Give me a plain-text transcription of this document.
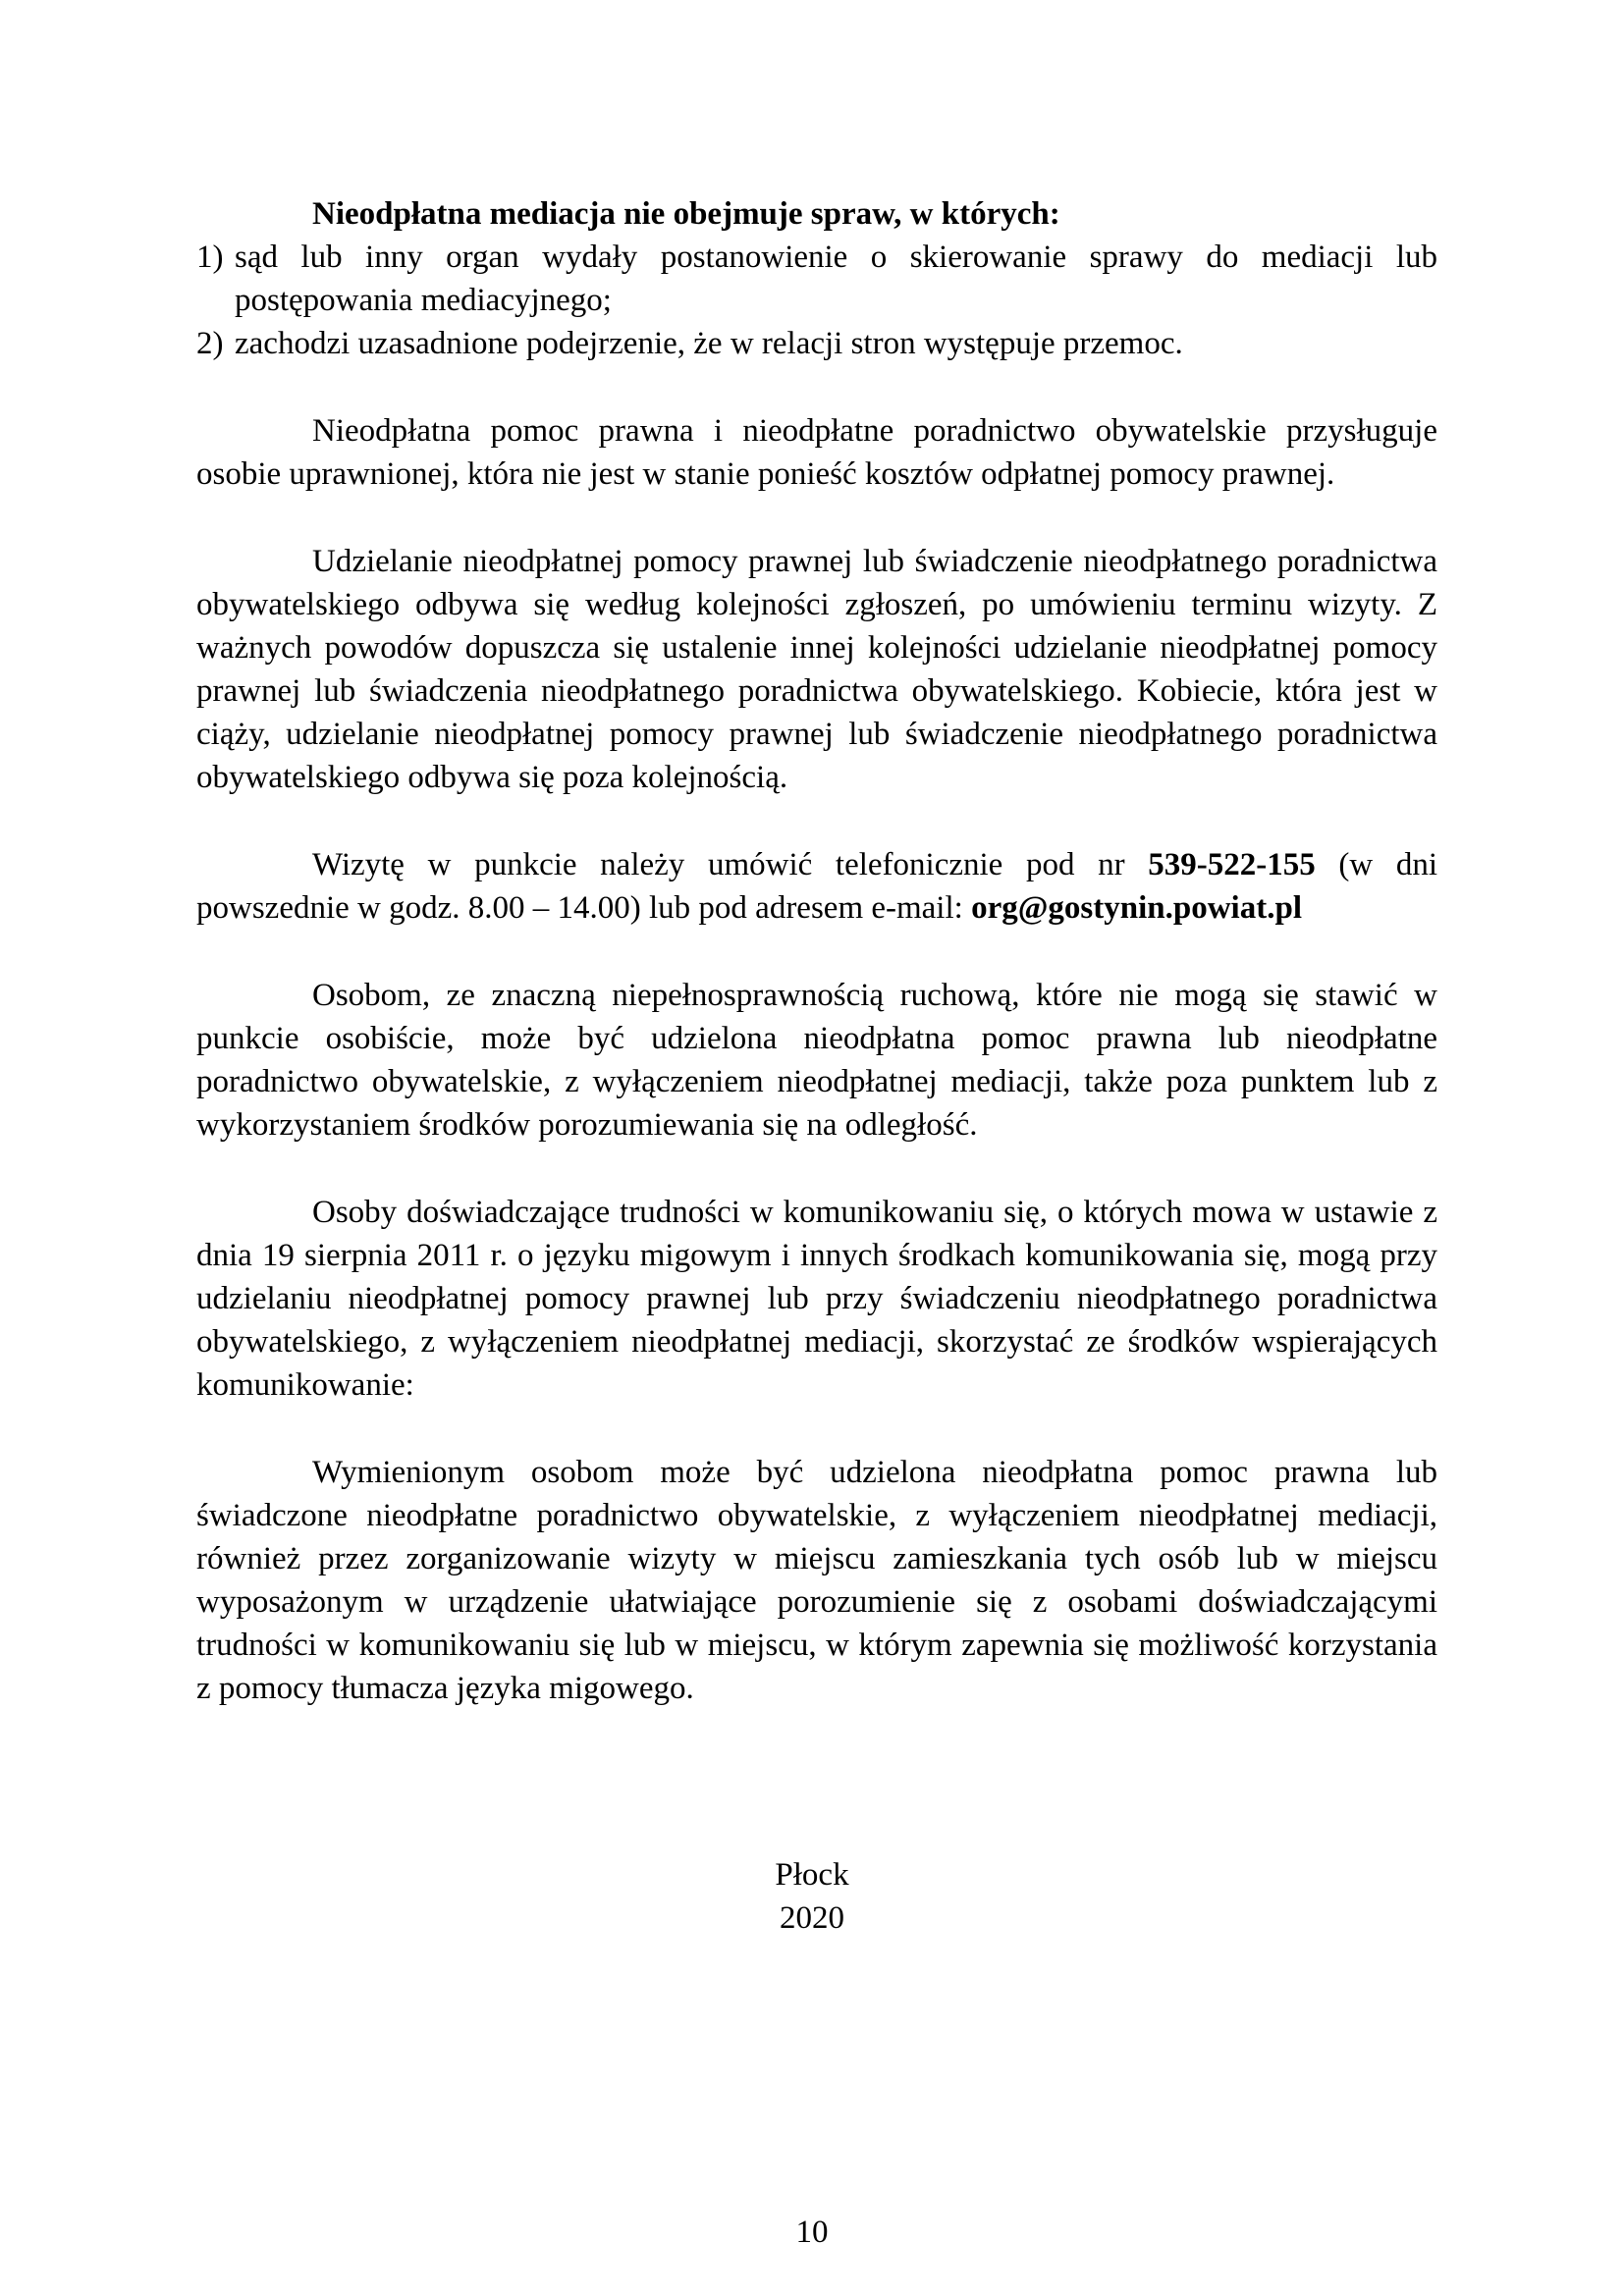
Nieodpłatna mediacja nie obejmuje spraw, w których:

1) sąd lub inny organ wydały postanowienie o skierowanie sprawy do mediacji lub postępowania mediacyjnego;
2) zachodzi uzasadnione podejrzenie, że w relacji stron występuje przemoc.

Nieodpłatna pomoc prawna i nieodpłatne poradnictwo obywatelskie przysługuje osobie uprawnionej, która nie jest w stanie ponieść kosztów odpłatnej pomocy prawnej.

Udzielanie nieodpłatnej pomocy prawnej lub świadczenie nieodpłatnego poradnictwa obywatelskiego odbywa się według kolejności zgłoszeń, po umówieniu terminu wizyty. Z ważnych powodów dopuszcza się ustalenie innej kolejności udzielanie nieodpłatnej pomocy prawnej lub świadczenia nieodpłatnego poradnictwa obywatelskiego. Kobiecie, która jest w ciąży, udzielanie nieodpłatnej pomocy prawnej lub świadczenie nieodpłatnego poradnictwa obywatelskiego odbywa się poza kolejnością.

Wizytę w punkcie należy umówić telefonicznie pod nr 539-522-155 (w dni powszednie w godz. 8.00 – 14.00) lub pod adresem e-mail: org@gostynin.powiat.pl

Osobom, ze znaczną niepełnosprawnością ruchową, które nie mogą się stawić w punkcie osobiście, może być udzielona nieodpłatna pomoc prawna lub nieodpłatne poradnictwo obywatelskie, z wyłączeniem nieodpłatnej mediacji, także poza punktem lub z wykorzystaniem środków porozumiewania się na odległość.

Osoby doświadczające trudności w komunikowaniu się, o których mowa w ustawie z dnia 19 sierpnia 2011 r. o języku migowym i innych środkach komunikowania się, mogą przy udzielaniu nieodpłatnej pomocy prawnej lub przy świadczeniu nieodpłatnego poradnictwa obywatelskiego, z wyłączeniem nieodpłatnej mediacji, skorzystać ze środków wspierających komunikowanie:

Wymienionym osobom może być udzielona nieodpłatna pomoc prawna lub świadczone nieodpłatne poradnictwo obywatelskie, z wyłączeniem nieodpłatnej mediacji, również przez zorganizowanie wizyty w miejscu zamieszkania tych osób lub w miejscu wyposażonym w urządzenie ułatwiające porozumienie się z osobami doświadczającymi trudności w komunikowaniu się lub w miejscu, w którym zapewnia się możliwość korzystania z pomocy tłumacza języka migowego.

Płock
2020
10
